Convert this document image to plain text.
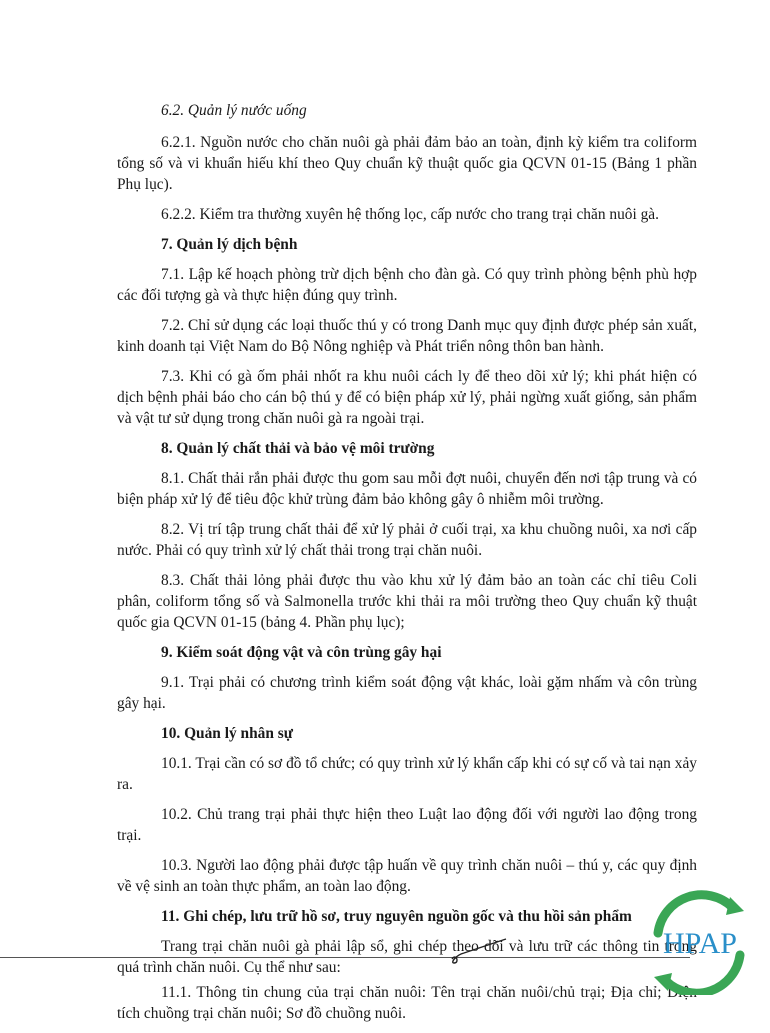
6.2. Quản lý nước uống

6.2.1. Nguồn nước cho chăn nuôi gà phải đảm bảo an toàn, định kỳ kiểm tra coliform tổng số và vi khuẩn hiếu khí theo Quy chuẩn kỹ thuật quốc gia QCVN 01-15 (Bảng 1 phần Phụ lục).

6.2.2. Kiểm tra thường xuyên hệ thống lọc, cấp nước cho trang trại chăn nuôi gà.

7. Quản lý dịch bệnh

7.1. Lập kế hoạch phòng trừ dịch bệnh cho đàn gà. Có quy trình phòng bệnh phù hợp các đối tượng gà và thực hiện đúng quy trình.

7.2. Chỉ sử dụng các loại thuốc thú y có trong Danh mục quy định được phép sản xuất, kinh doanh tại Việt Nam do Bộ Nông nghiệp và Phát triển nông thôn ban hành.

7.3. Khi có gà ốm phải nhốt ra khu nuôi cách ly để theo dõi xử lý; khi phát hiện có dịch bệnh phải báo cho cán bộ thú y để có biện pháp xử lý, phải ngừng xuất giống, sản phẩm và vật tư sử dụng trong chăn nuôi gà ra ngoài trại.

8. Quản lý chất thải và bảo vệ môi trường

8.1. Chất thải rắn phải được thu gom sau mỗi đợt nuôi, chuyển đến nơi tập trung và có biện pháp xử lý để tiêu độc khử trùng đảm bảo không gây ô nhiễm môi trường.

8.2. Vị trí tập trung chất thải để xử lý phải ở cuối trại, xa khu chuồng nuôi, xa nơi cấp nước. Phải có quy trình xử lý chất thải trong trại chăn nuôi.

8.3. Chất thải lỏng phải được thu vào khu xử lý đảm bảo an toàn các chỉ tiêu Coli phân, coliform tổng số và Salmonella trước khi thải ra môi trường theo Quy chuẩn kỹ thuật quốc gia QCVN 01-15 (bảng 4. Phần phụ lục);

9. Kiểm soát động vật và côn trùng gây hại

9.1. Trại phải có chương trình kiểm soát động vật khác, loài gặm nhấm và côn trùng gây hại.

10. Quản lý nhân sự

10.1. Trại cần có sơ đồ tổ chức; có quy trình xử lý khẩn cấp khi có sự cố và tai nạn xảy ra.

10.2. Chủ trang trại phải thực hiện theo Luật lao động đối với người lao động trong trại.

10.3. Người lao động phải được tập huấn về quy trình chăn nuôi – thú y, các quy định về vệ sinh an toàn thực phẩm, an toàn lao động.

11. Ghi chép, lưu trữ hồ sơ, truy nguyên nguồn gốc và thu hồi sản phẩm

Trang trại chăn nuôi gà phải lập sổ, ghi chép theo dõi và lưu trữ các thông tin trong quá trình chăn nuôi. Cụ thể như sau:

11.1. Thông tin chung của trại chăn nuôi: Tên trại chăn nuôi/chủ trại; Địa chỉ; Diện tích chuồng trại chăn nuôi; Sơ đồ chuồng nuôi.

HPAP
